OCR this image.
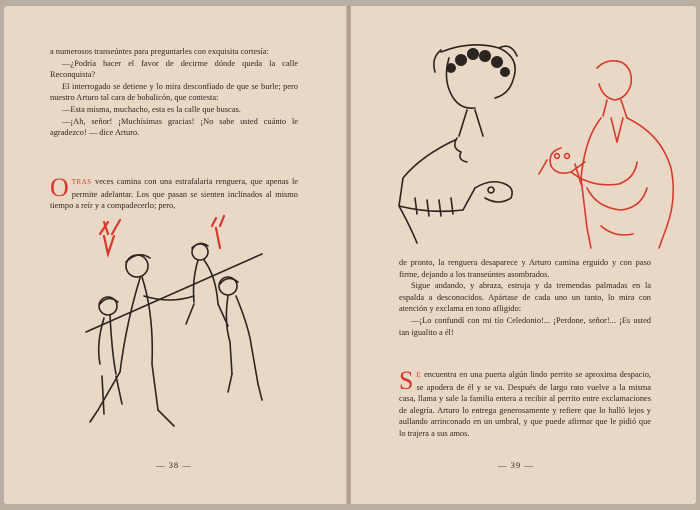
a numerosos transeúntes para preguntarles con exquisita cortesía:

—¿Podría hacer el favor de decirme dónde queda la calle Reconquista?

El interrogado se detiene y lo mira desconfiado de que se burle; pero nuestro Arturo tal cara de bobalicón, que contesta:

—Esta misma, muchacho, esta es la calle que buscas.

—¡Ah, señor! ¡Muchísimas gracias! ¡No sabe usted cuánto le agradezco! — dice Arturo.

OTRAS veces camina con una estrafalaria renguera, que apenas le permite adelantar. Los que pasan se sienten inclinados al mismo tiempo a reír y a compadecerlo; pero,

— 38 —

de pronto, la renguera desaparece y Arturo camina erguido y con paso firme, dejando a los transeúntes asombrados.

Sigue andando, y abraza, estruja y da tremendas palmadas en la espalda a desconocidos. Apártase de cada uno un tanto, lo mira con atención y exclama en tono afligido:

—¡Lo confundí con mi tío Celedonio!... ¡Perdone, señor!... ¡Es usted tan igualito a él!

S E encuentra en una puerta algún lindo perrito se aproxima despacio, se apodera de él y se va. Después de largo rato vuelve a la misma casa, llama y sale la familia entera a recibir al perrito entre exclamaciones de alegría. Arturo lo entrega generosamente y refiere que lo halló lejos y aullando arrinconado en un umbral, y que puede afirmar que le pidió que lo trajera a sus amos.

— 39 —
